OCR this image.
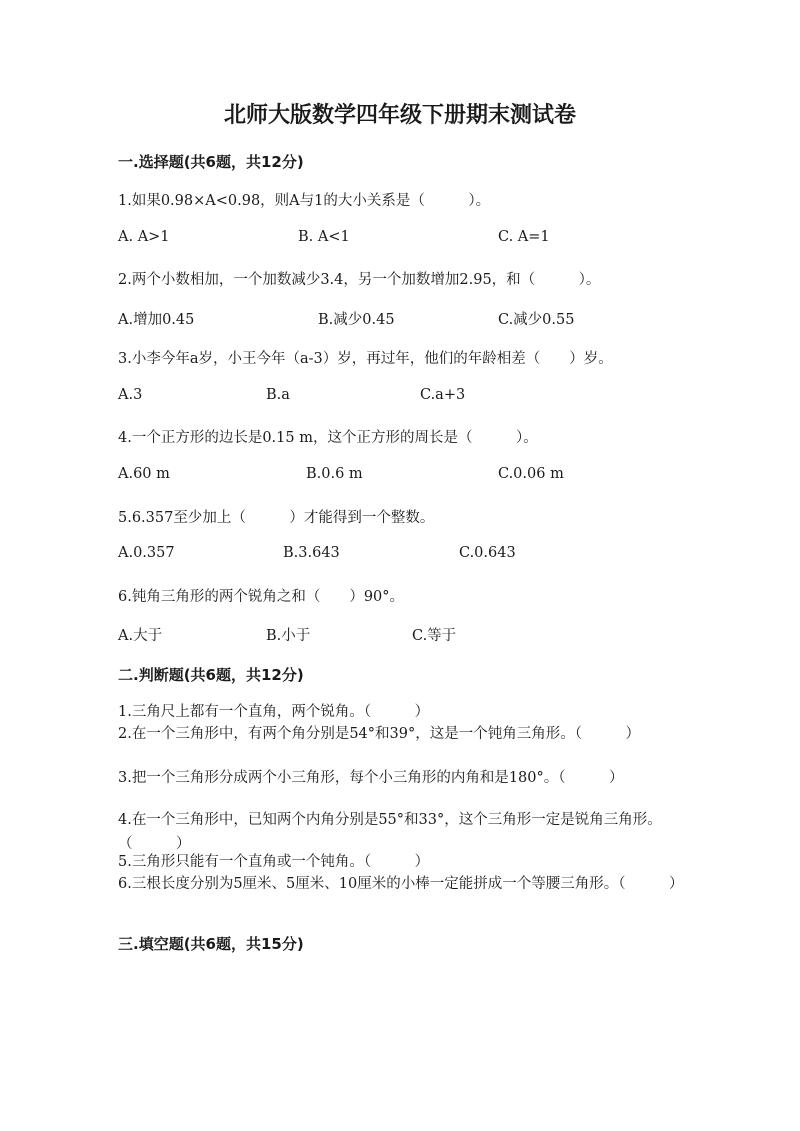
北师大版数学四年级下册期末测试卷
一.选择题(共6题，共12分)
1.如果0.98×A<0.98，则A与1的大小关系是（　　　）。
A. A>1	B. A<1	C. A=1
2.两个小数相加，一个加数减少3.4，另一个加数增加2.95，和（　　　）。
A.增加0.45	B.减少0.45	C.减少0.55
3.小李今年a岁，小王今年（a-3）岁，再过年，他们的年龄相差（　　）岁。
A.3	B.a	C.a+3
4.一个正方形的边长是0.15 m，这个正方形的周长是（　　　）。
A.60 m	B.0.6 m	C.0.06 m
5.6.357至少加上（　　　）才能得到一个整数。
A.0.357	B.3.643	C.0.643
6.钝角三角形的两个锐角之和（　　）90°。
A.大于	B.小于	C.等于
二.判断题(共6题，共12分)
1.三角尺上都有一个直角，两个锐角。（　　　）
2.在一个三角形中，有两个角分别是54°和39°，这是一个钝角三角形。（　　　）
3.把一个三角形分成两个小三角形，每个小三角形的内角和是180°。（　　　）
4.在一个三角形中，已知两个内角分别是55°和33°，这个三角形一定是锐角三角形。（　　　）
5.三角形只能有一个直角或一个钝角。（　　　）
6.三根长度分别为5厘米、5厘米、10厘米的小棒一定能拼成一个等腰三角形。（　　　）
三.填空题(共6题，共15分)
